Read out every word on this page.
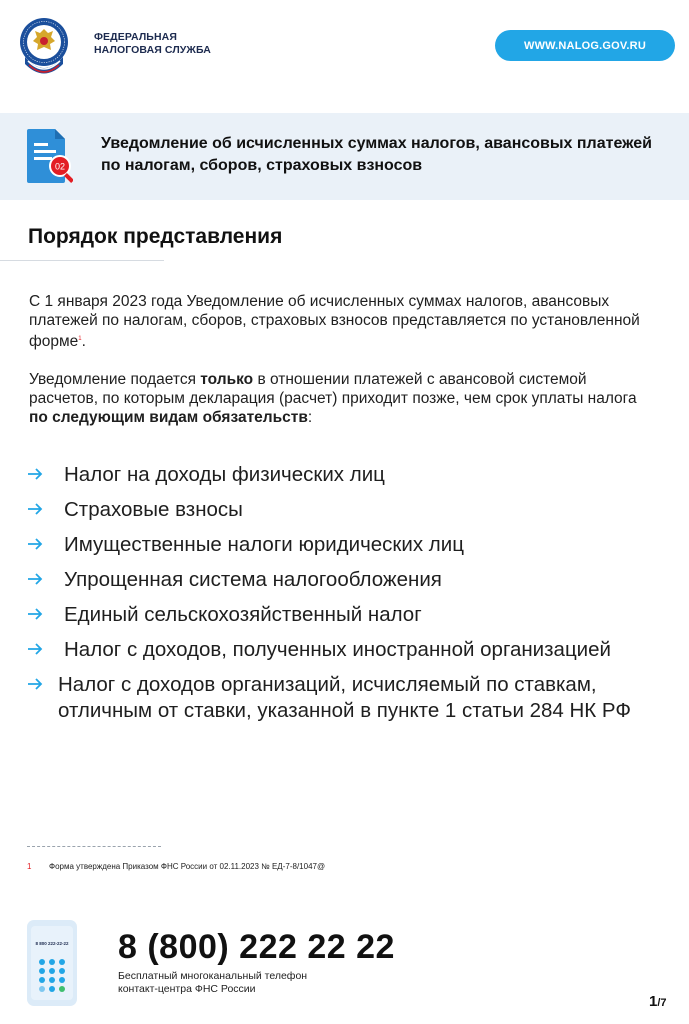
ФЕДЕРАЛЬНАЯ
НАЛОГОВАЯ СЛУЖБА	WWW.NALOG.GOV.RU
02
Уведомление об исчисленных суммах налогов, авансовых платежей по налогам, сборов, страховых взносов
Порядок представления
С 1 января 2023 года Уведомление об исчисленных суммах налогов, авансовых платежей по налогам, сборов, страховых взносов представляется по установленной форме$^1$.
Уведомление подается только в отношении платежей с авансовой системой расчетов, по которым декларация (расчет) приходит позже, чем срок уплаты налога по следующим видам обязательств:
Налог на доходы физических лиц
Страховые взносы
Имущественные налоги юридических лиц
Упрощенная система налогообложения
Единый сельскохозяйственный налог
Налог с доходов, полученных иностранной организацией
Налог с доходов организаций, исчисляемый по ставкам, отличным от ставки, указанной в пункте 1 статьи 284 НК РФ
1 Форма утверждена Приказом ФНС России от 02.11.2023 № ЕД-7-8/1047@
8 800 222-22-22 8 (800) 222 22 22
Бесплатный многоканальный телефон
контакт-центра ФНС России
1/7
